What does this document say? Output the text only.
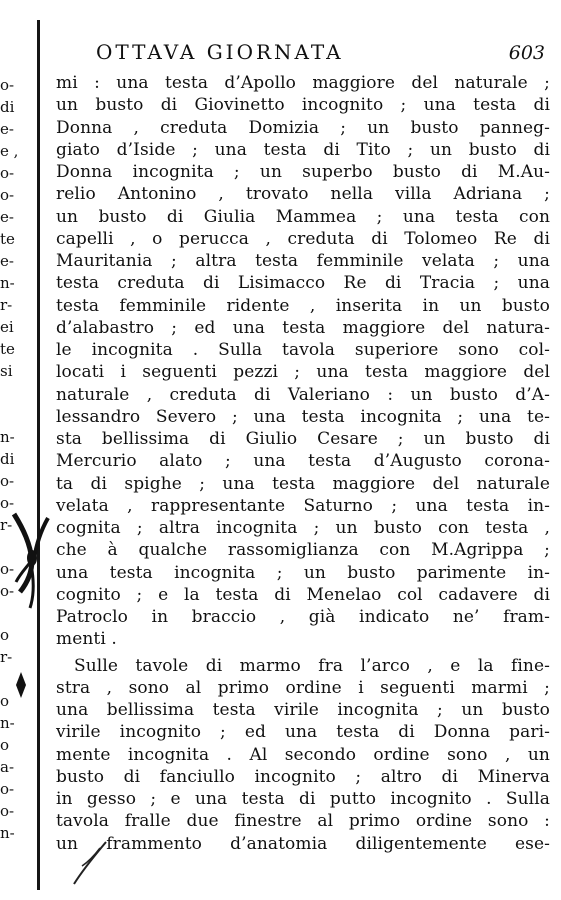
o-
di
e-
e ,
o-
o-
e-
te
e-
n-
r-
ei
te
si
n-
di
o-
o-
r-
o-
o-
o
r-
o
n-
o
a-
o-
o-
n-
OTTAVA GIORNATA	603
mi : una testa d’Apollo maggiore del naturale ;
un busto di Giovinetto incognito ; una testa di
Donna , creduta Domizia ; un busto panneg-
giato d’Iside ; una testa di Tito ; un busto di
Donna incognita ; un superbo busto di M.Au-
relio Antonino , trovato nella villa Adriana ;
un busto di Giulia Mammea ; una testa con
capelli , o perucca , creduta di Tolomeo Re di
Mauritania ; altra testa femminile velata ; una
testa creduta di Lisimacco Re di Tracia ; una
testa femminile ridente , inserita in un busto
d’alabastro ; ed una testa maggiore del natura-
le incognita . Sulla tavola superiore sono col-
locati i seguenti pezzi ; una testa maggiore del
naturale , creduta di Valeriano : un busto d’A-
lessandro Severo ; una testa incognita ; una te-
sta bellissima di Giulio Cesare ; un busto di
Mercurio alato ; una testa d’Augusto corona-
ta di spighe ; una testa maggiore del naturale
velata , rappresentante Saturno ; una testa in-
cognita ; altra incognita ; un busto con testa ,
che à qualche rassomiglianza con M.Agrippa ;
una testa incognita ; un busto parimente in-
cognito ; e la testa di Menelao col cadavere di
Patroclo in braccio , già indicato ne’ fram-
menti .
Sulle tavole di marmo fra l’arco , e la fine-
stra , sono al primo ordine i seguenti marmi ;
una bellissima testa virile incognita ; un busto
virile incognito ; ed una testa di Donna pari-
mente incognita . Al secondo ordine sono , un
busto di fanciullo incognito ; altro di Minerva
in gesso ; e una testa di putto incognito . Sulla
tavola fralle due finestre al primo ordine sono :
un frammento d’anatomia diligentemente ese-
